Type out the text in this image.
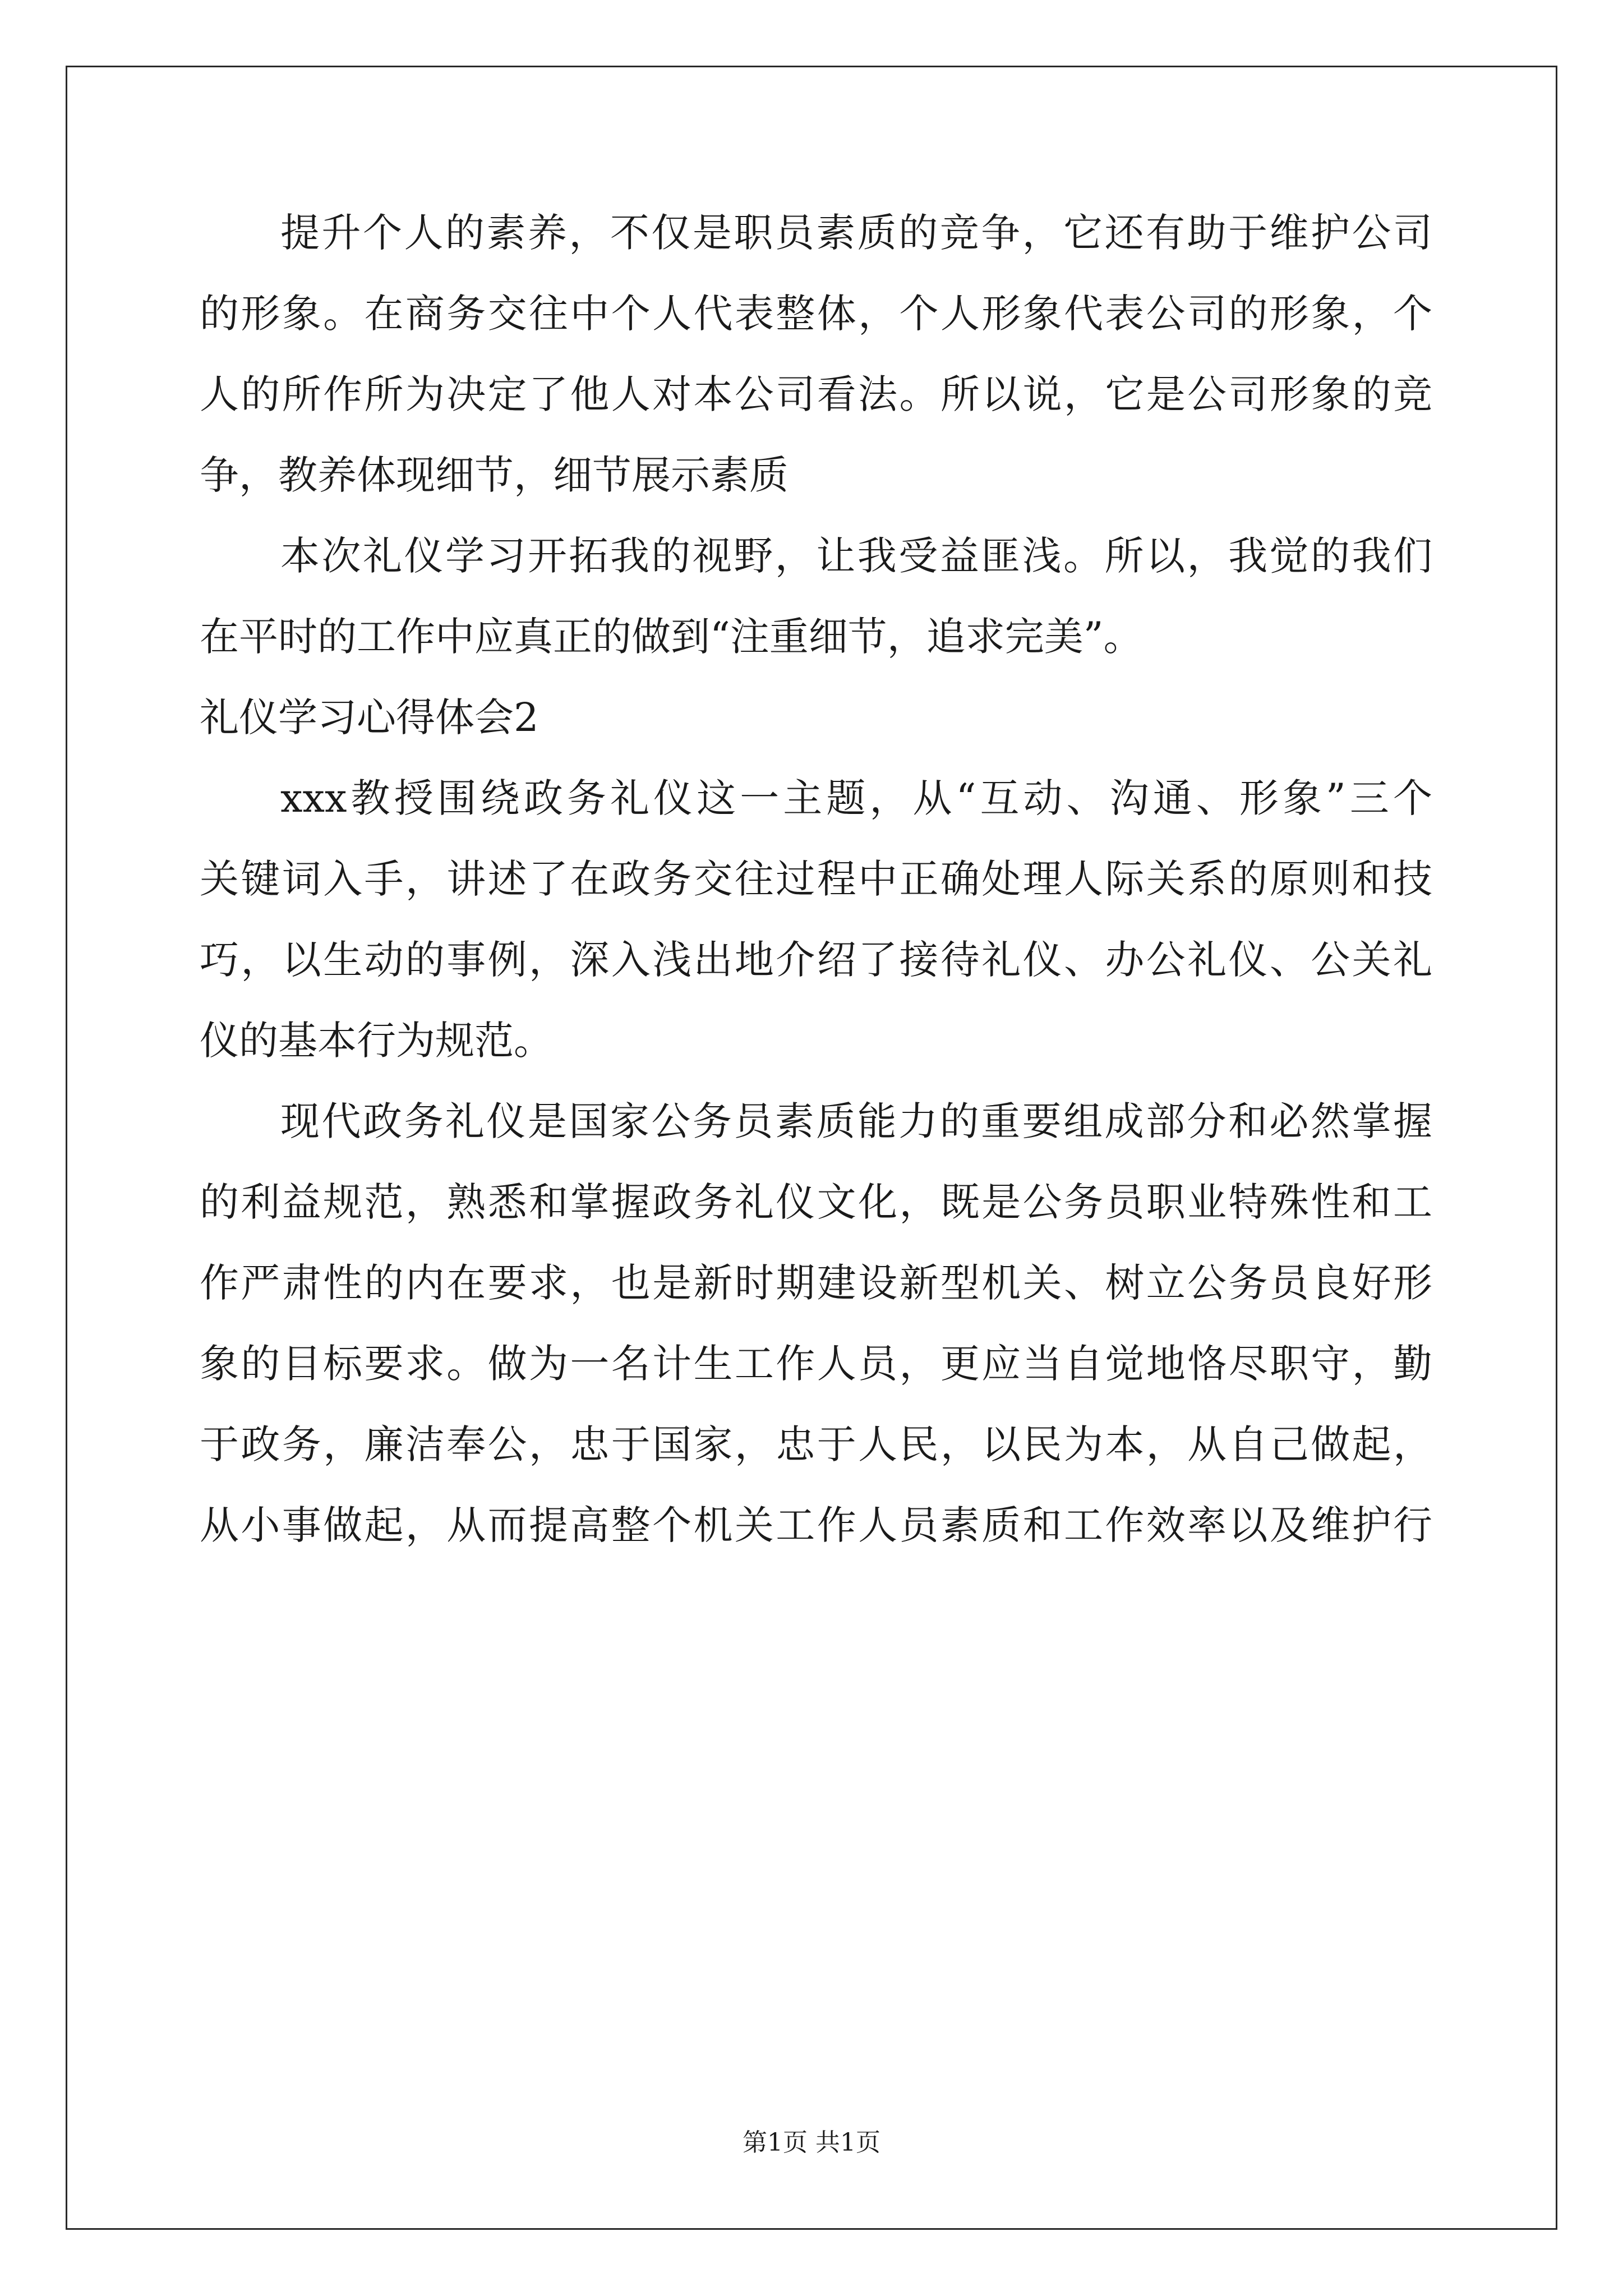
提升个人的素养，不仅是职员素质的竞争，它还有助于维护公司
的形象。在商务交往中个人代表整体，个人形象代表公司的形象，个
人的所作所为决定了他人对本公司看法。所以说，它是公司形象的竞
争，教养体现细节，细节展示素质
本次礼仪学习开拓我的视野，让我受益匪浅。所以，我觉的我们
在平时的工作中应真正的做到“注重细节，追求完美”。
礼仪学习心得体会2
xxx教授围绕政务礼仪这一主题，从“互动、沟通、形象”三个
关键词入手，讲述了在政务交往过程中正确处理人际关系的原则和技
巧，以生动的事例，深入浅出地介绍了接待礼仪、办公礼仪、公关礼
仪的基本行为规范。
现代政务礼仪是国家公务员素质能力的重要组成部分和必然掌握
的利益规范，熟悉和掌握政务礼仪文化，既是公务员职业特殊性和工
作严肃性的内在要求，也是新时期建设新型机关、树立公务员良好形
象的目标要求。做为一名计生工作人员，更应当自觉地恪尽职守，勤
于政务，廉洁奉公，忠于国家，忠于人民，以民为本，从自己做起，
从小事做起，从而提高整个机关工作人员素质和工作效率以及维护行
第1页 共1页
